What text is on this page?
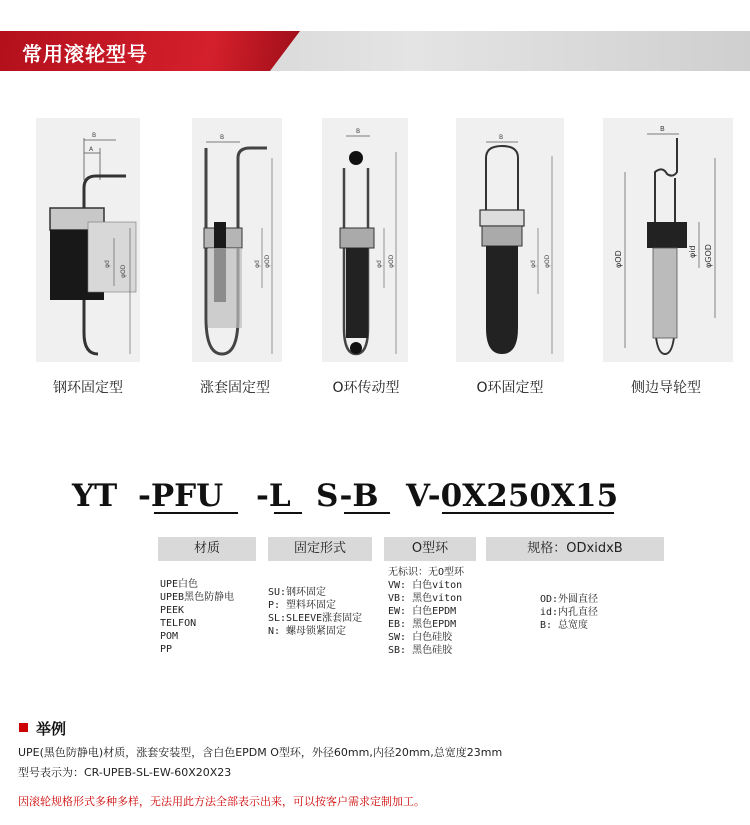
常用滚轮型号
B
A
φd
φOD
钢环固定型
B
φd φOD
涨套固定型
B
φd φOD
O环传动型
B
φd φOD
O环固定型
B
φOD	φid φGOD
侧边导轮型
YT -PFU -L S-B V-0X250X15
材质	固定形式	O型环	规格：ODxidxB
UPE白色
UPEB黑色防静电
PEEK
TELFON
POM
PP
SU:钢环固定
P: 塑料环固定
SL:SLEEVE涨套固定
N: 螺母锁紧固定
无标识：无O型环
VW: 白色viton
VB: 黑色viton
EW: 白色EPDM
EB: 黑色EPDM
SW: 白色硅胶
SB: 黑色硅胶
OD:外圆直径
id:内孔直径
B: 总宽度
举例
UPE(黑色防静电)材质，涨套安装型，含白色EPDM O型环，外径60mm,内径20mm,总宽度23mm
型号表示为：CR-UPEB-SL-EW-60X20X23
因滚轮规格形式多种多样，无法用此方法全部表示出来，可以按客户需求定制加工。
